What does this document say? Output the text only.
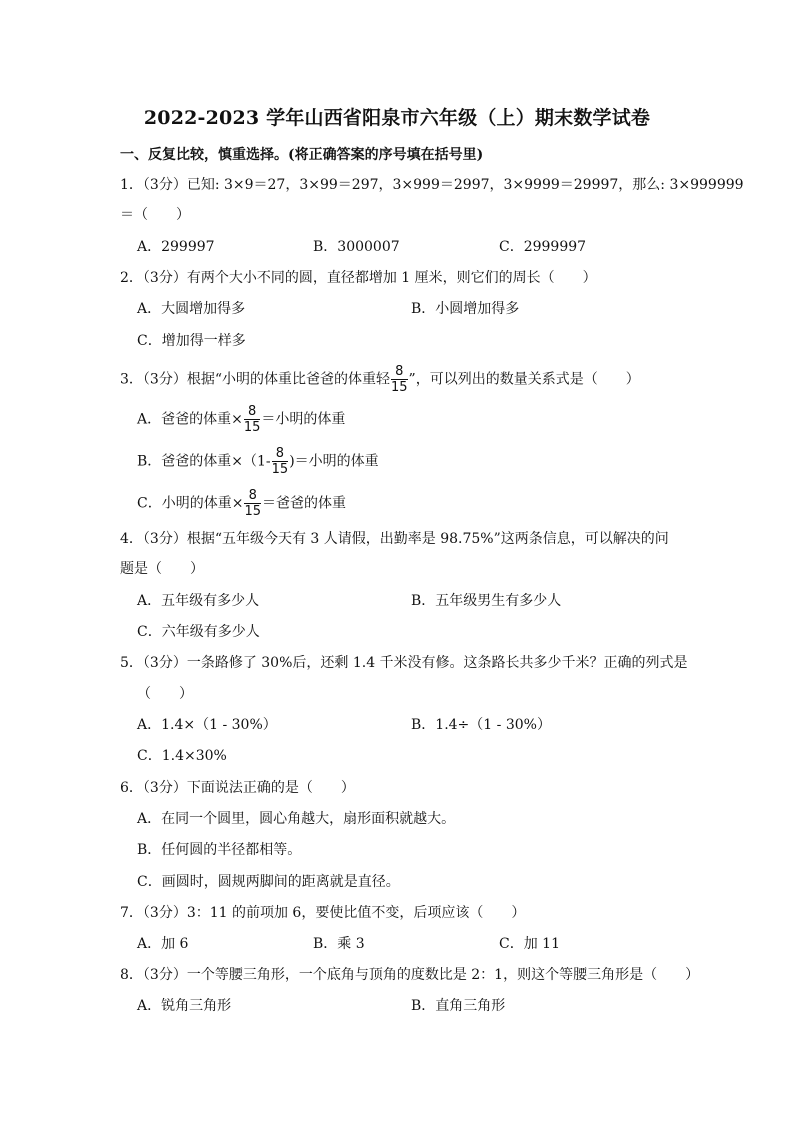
2022-2023 学年山西省阳泉市六年级（上）期末数学试卷
一、反复比较，慎重选择。(将正确答案的序号填在括号里)
1．（3分）已知: 3×9＝27，3×99＝297，3×999＝2997，3×9999＝29997，那么: 3×999999
＝（　　）
A．299997	B．3000007	C．2999997
2．（3分）有两个大小不同的圆，直径都增加 1 厘米，则它们的周长（　　）
A．大圆增加得多	B．小圆增加得多
C．增加得一样多
3．（3分）根据“小明的体重比爸爸的体重轻 $\frac{8}{15}$ ”，可以列出的数量关系式是（　　）
A．爸爸的体重× $\frac{8}{15}$ ＝小明的体重
B．爸爸的体重$\times(1- \frac{8}{15}$ )＝小明的体重
C．小明的体重× $\frac{8}{15}$ ＝爸爸的体重
4．（3分）根据“五年级今天有 3 人请假，出勤率是 98.75%”这两条信息，可以解决的问
题是（　　）
A．五年级有多少人	B．五年级男生有多少人
C．六年级有多少人
5．（3分）一条路修了 30%后，还剩 1.4 千米没有修。这条路长共多少千米？正确的列式是
（　　）
A．1.4×（1 - 30%）	B．1.4÷（1 - 30%）
C．1.4×30%
6．（3分）下面说法正确的是（　　）
A．在同一个圆里，圆心角越大，扇形面积就越大。
B．任何圆的半径都相等。
C．画圆时，圆规两脚间的距离就是直径。
7．（3分）3：11 的前项加 6，要使比值不变，后项应该（　　）
A．加 6	B．乘 3	C．加 11
8．（3分）一个等腰三角形，一个底角与顶角的度数比是 2：1，则这个等腰三角形是（　　）
A．锐角三角形	B．直角三角形
